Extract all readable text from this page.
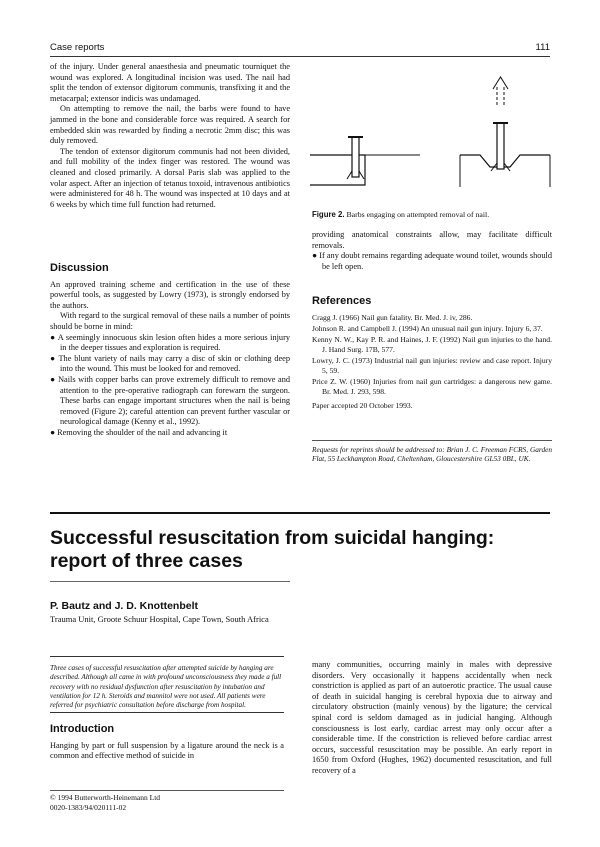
Case reports	111

of the injury. Under general anaesthesia and pneumatic tourniquet the wound was explored. A longitudinal incision was used. The nail had split the tendon of extensor digitorum communis, transfixing it and the metacarpal; extensor indicis was undamaged.

On attempting to remove the nail, the barbs were found to have jammed in the bone and considerable force was required. A search for embedded skin was rewarded by finding a necrotic 2mm disc; this was duly removed.

The tendon of extensor digitorum communis had not been divided, and full mobility of the index finger was restored. The wound was cleaned and closed primarily. A dorsal Paris slab was applied to the volar aspect. After an injection of tetanus toxoid, intravenous antibiotics were administered for 48 h. The wound was inspected at 10 days and at 6 weeks by which time full function had returned.

Discussion

An approved training scheme and certification in the use of these powerful tools, as suggested by Lowry (1973), is strongly endorsed by the authors.

With regard to the surgical removal of these nails a number of points should be borne in mind:

● A seemingly innocuous skin lesion often hides a more serious injury in the deeper tissues and exploration is required.

● The blunt variety of nails may carry a disc of skin or clothing deep into the wound. This must be looked for and removed.

● Nails with copper barbs can prove extremely difficult to remove and attention to the pre-operative radiograph can forewarn the surgeon. These barbs can engage important structures when the nail is being removed (Figure 2); careful attention can prevent further vascular or neurological damage (Kenny et al., 1992).

● Removing the shoulder of the nail and advancing it

Figure 2. Barbs engaging on attempted removal of nail.

providing anatomical constraints allow, may facilitate difficult removals.

● If any doubt remains regarding adequate wound toilet, wounds should be left open.

References

Cragg J. (1966) Nail gun fatality. Br. Med. J. iv, 286.

Johnson R. and Campbell J. (1994) An unusual nail gun injury. Injury 6, 37.

Kenny N. W., Kay P. R. and Haines, J. F. (1992) Nail gun injuries to the hand. J. Hand Surg. 17B, 577.

Lowry, J. C. (1973) Industrial nail gun injuries: review and case report. Injury 5, 59.

Price Z. W. (1960) Injuries from nail gun cartridges: a dangerous new game. Br. Med. J. 293, 598.

Paper accepted 20 October 1993.

Requests for reprints should be addressed to: Brian J. C. Freeman FCRS, Garden Flat, 55 Leckhampton Road, Cheltenham, Gloucestershire GL53 0BL, UK.
Successful resuscitation from suicidal hanging: report of three cases
P. Bautz and J. D. Knottenbelt
Trauma Unit, Groote Schuur Hospital, Cape Town, South Africa
Three cases of successful resuscitation after attempted suicide by hanging are described. Although all came in with profound unconsciousness they made a full recovery with no residual dysfunction after resuscitation by intubation and ventilation for 12 h. Steroids and mannitol were not used. All patients were referred for psychiatric consultation before discharge from hospital.
Introduction

Hanging by part or full suspension by a ligature around the neck is a common and effective method of suicide in

© 1994 Butterworth-Heinemann Ltd
0020-1383/94/020111-02

many communities, occurring mainly in males with depressive disorders. Very occasionally it happens accidentally when neck constriction is applied as part of an autoerotic practice. The usual cause of death in suicidal hanging is cerebral hypoxia due to airway and circulatory obstruction (mainly venous) by the ligature; the cervical spinal cord is seldom damaged as in judicial hanging. Although consciousness is lost early, cardiac arrest may only occur after a considerable time. If the constriction is relieved before cardiac arrest occurs, successful resuscitation may be possible. An early report in 1650 from Oxford (Hughes, 1962) documented resuscitation, and full recovery of a
